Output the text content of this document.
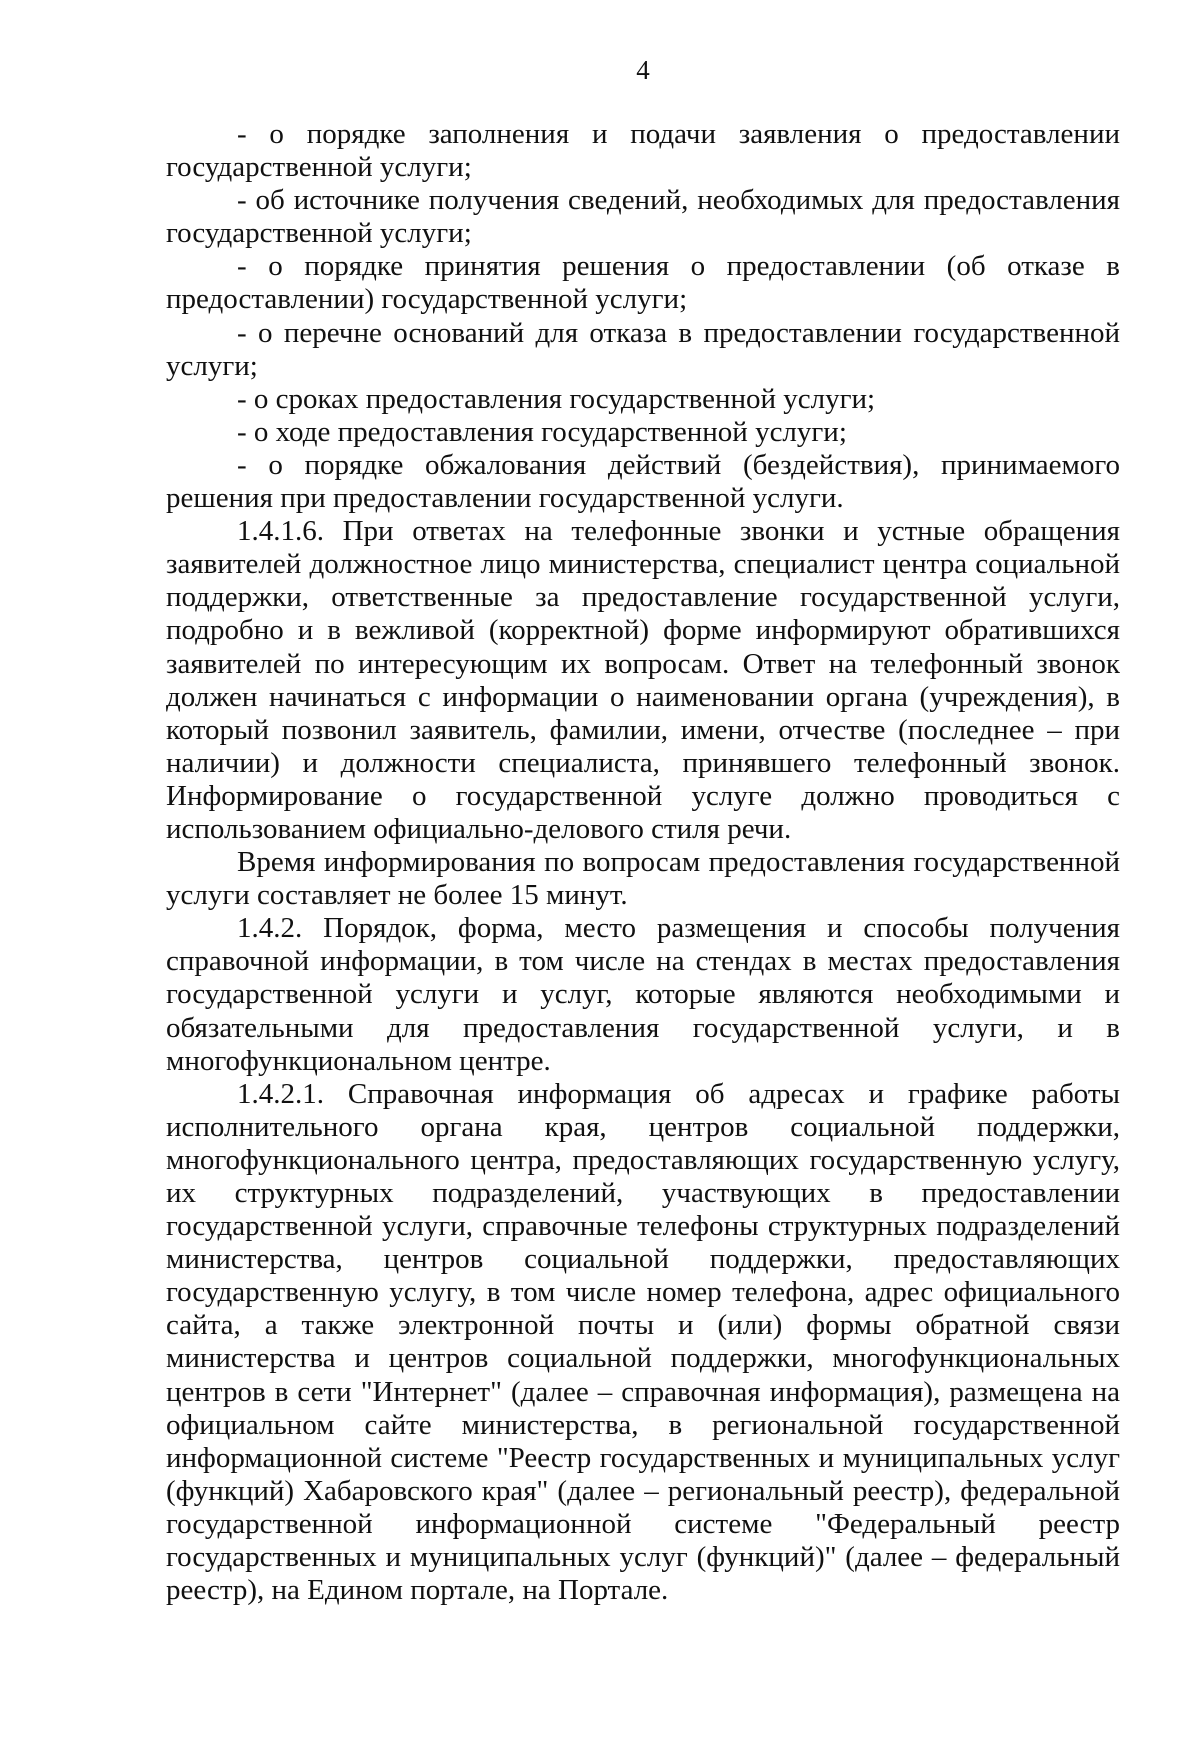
4

- о порядке заполнения и подачи заявления о предоставлении государственной услуги;

- об источнике получения сведений, необходимых для предоставления государственной услуги;

- о порядке принятия решения о предоставлении (об отказе в предоставлении) государственной услуги;

- о перечне оснований для отказа в предоставлении государственной услуги;

- о сроках предоставления государственной услуги;

- о ходе предоставления государственной услуги;

- о порядке обжалования действий (бездействия), принимаемого решения при предоставлении государственной услуги.

1.4.1.6. При ответах на телефонные звонки и устные обращения заявителей должностное лицо министерства, специалист центра социальной поддержки, ответственные за предоставление государственной услуги, подробно и в вежливой (корректной) форме информируют обратившихся заявителей по интересующим их вопросам. Ответ на телефонный звонок должен начинаться с информации о наименовании органа (учреждения), в который позвонил заявитель, фамилии, имени, отчестве (последнее – при наличии) и должности специалиста, принявшего телефонный звонок. Информирование о государственной услуге должно проводиться с использованием официально-делового стиля речи.

Время информирования по вопросам предоставления государственной услуги составляет не более 15 минут.

1.4.2. Порядок, форма, место размещения и способы получения справочной информации, в том числе на стендах в местах предоставления государственной услуги и услуг, которые являются необходимыми и обязательными для предоставления государственной услуги, и в многофункциональном центре.

1.4.2.1. Справочная информация об адресах и графике работы исполнительного органа края, центров социальной поддержки, многофункционального центра, предоставляющих государственную услугу, их структурных подразделений, участвующих в предоставлении государственной услуги, справочные телефоны структурных подразделений министерства, центров социальной поддержки, предоставляющих государственную услугу, в том числе номер телефона, адрес официального сайта, а также электронной почты и (или) формы обратной связи министерства и центров социальной поддержки, многофункциональных центров в сети "Интернет" (далее – справочная информация), размещена на официальном сайте министерства, в региональной государственной информационной системе "Реестр государственных и муниципальных услуг (функций) Хабаровского края" (далее – региональный реестр), федеральной государственной информационной системе "Федеральный реестр государственных и муниципальных услуг (функций)" (далее – федеральный реестр), на Едином портале, на Портале.
